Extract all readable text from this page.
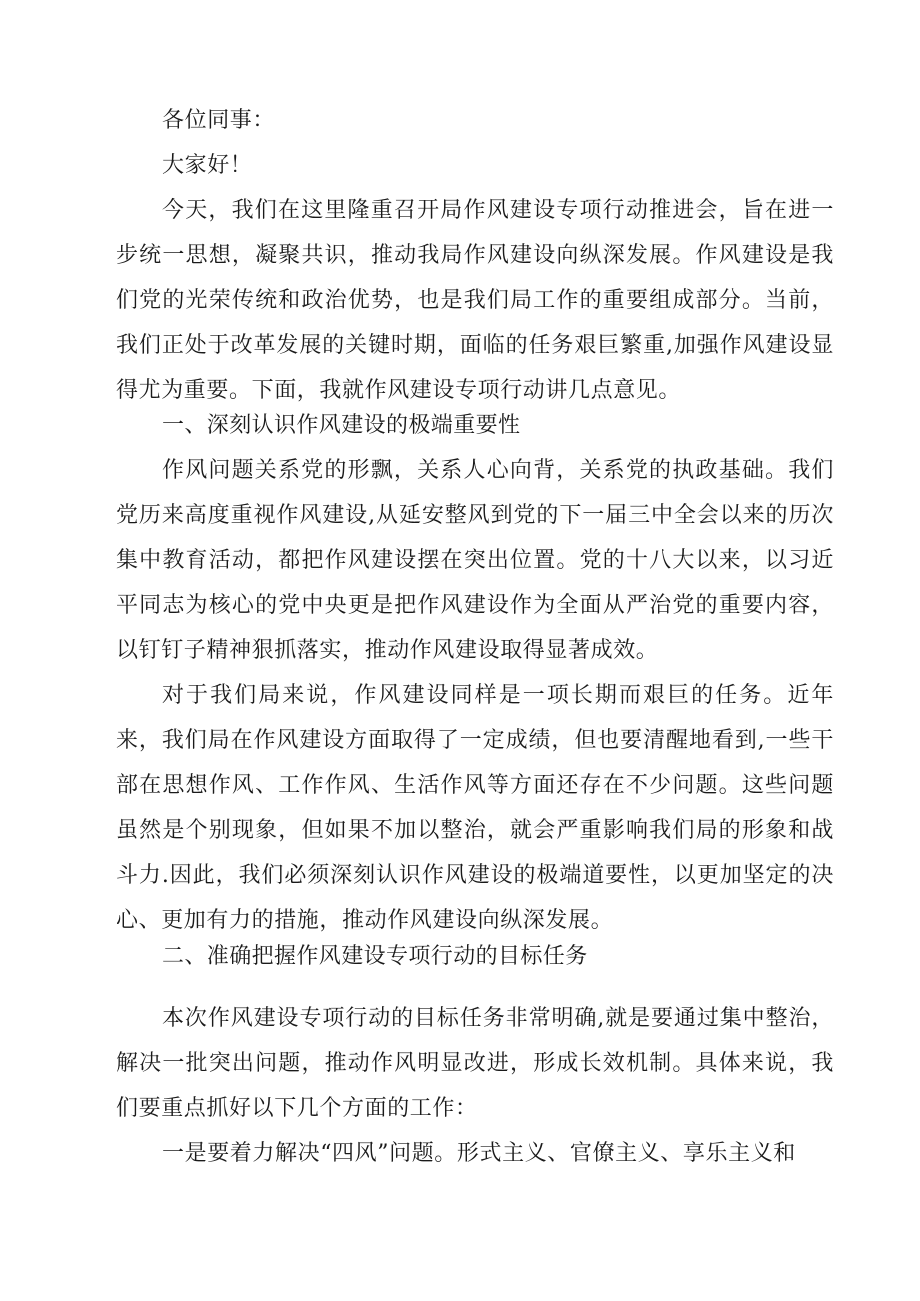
各位同事：

大家好！

今天，我们在这里隆重召开局作风建设专项行动推进会，旨在进一步统一思想，凝聚共识，推动我局作风建设向纵深发展。作风建设是我们党的光荣传统和政治优势，也是我们局工作的重要组成部分。当前，我们正处于改革发展的关键时期，面临的任务艰巨繁重,加强作风建设显得尤为重要。下面，我就作风建设专项行动讲几点意见。

一、深刻认识作风建设的极端重要性

作风问题关系党的形飘，关系人心向背，关系党的执政基础。我们党历来高度重视作风建设,从延安整风到党的下一届三中全会以来的历次集中教育活动，都把作风建设摆在突出位置。党的十八大以来，以习近平同志为核心的党中央更是把作风建设作为全面从严治党的重要内容，以钉钉子精神狠抓落实，推动作风建设取得显著成效。

对于我们局来说，作风建设同样是一项长期而艰巨的任务。近年来，我们局在作风建设方面取得了一定成绩，但也要清醒地看到,一些干部在思想作风、工作作风、生活作风等方面还存在不少问题。这些问题虽然是个别现象，但如果不加以整治，就会严重影响我们局的形象和战斗力.因此，我们必须深刻认识作风建设的极端道要性，以更加坚定的决心、更加有力的措施，推动作风建设向纵深发展。

二、准确把握作风建设专项行动的目标任务

本次作风建设专项行动的目标任务非常明确,就是要通过集中整治，解决一批突出问题，推动作风明显改进，形成长效机制。具体来说，我们要重点抓好以下几个方面的工作：

一是要着力解决“四风”问题。形式主义、官僚主义、享乐主义和
